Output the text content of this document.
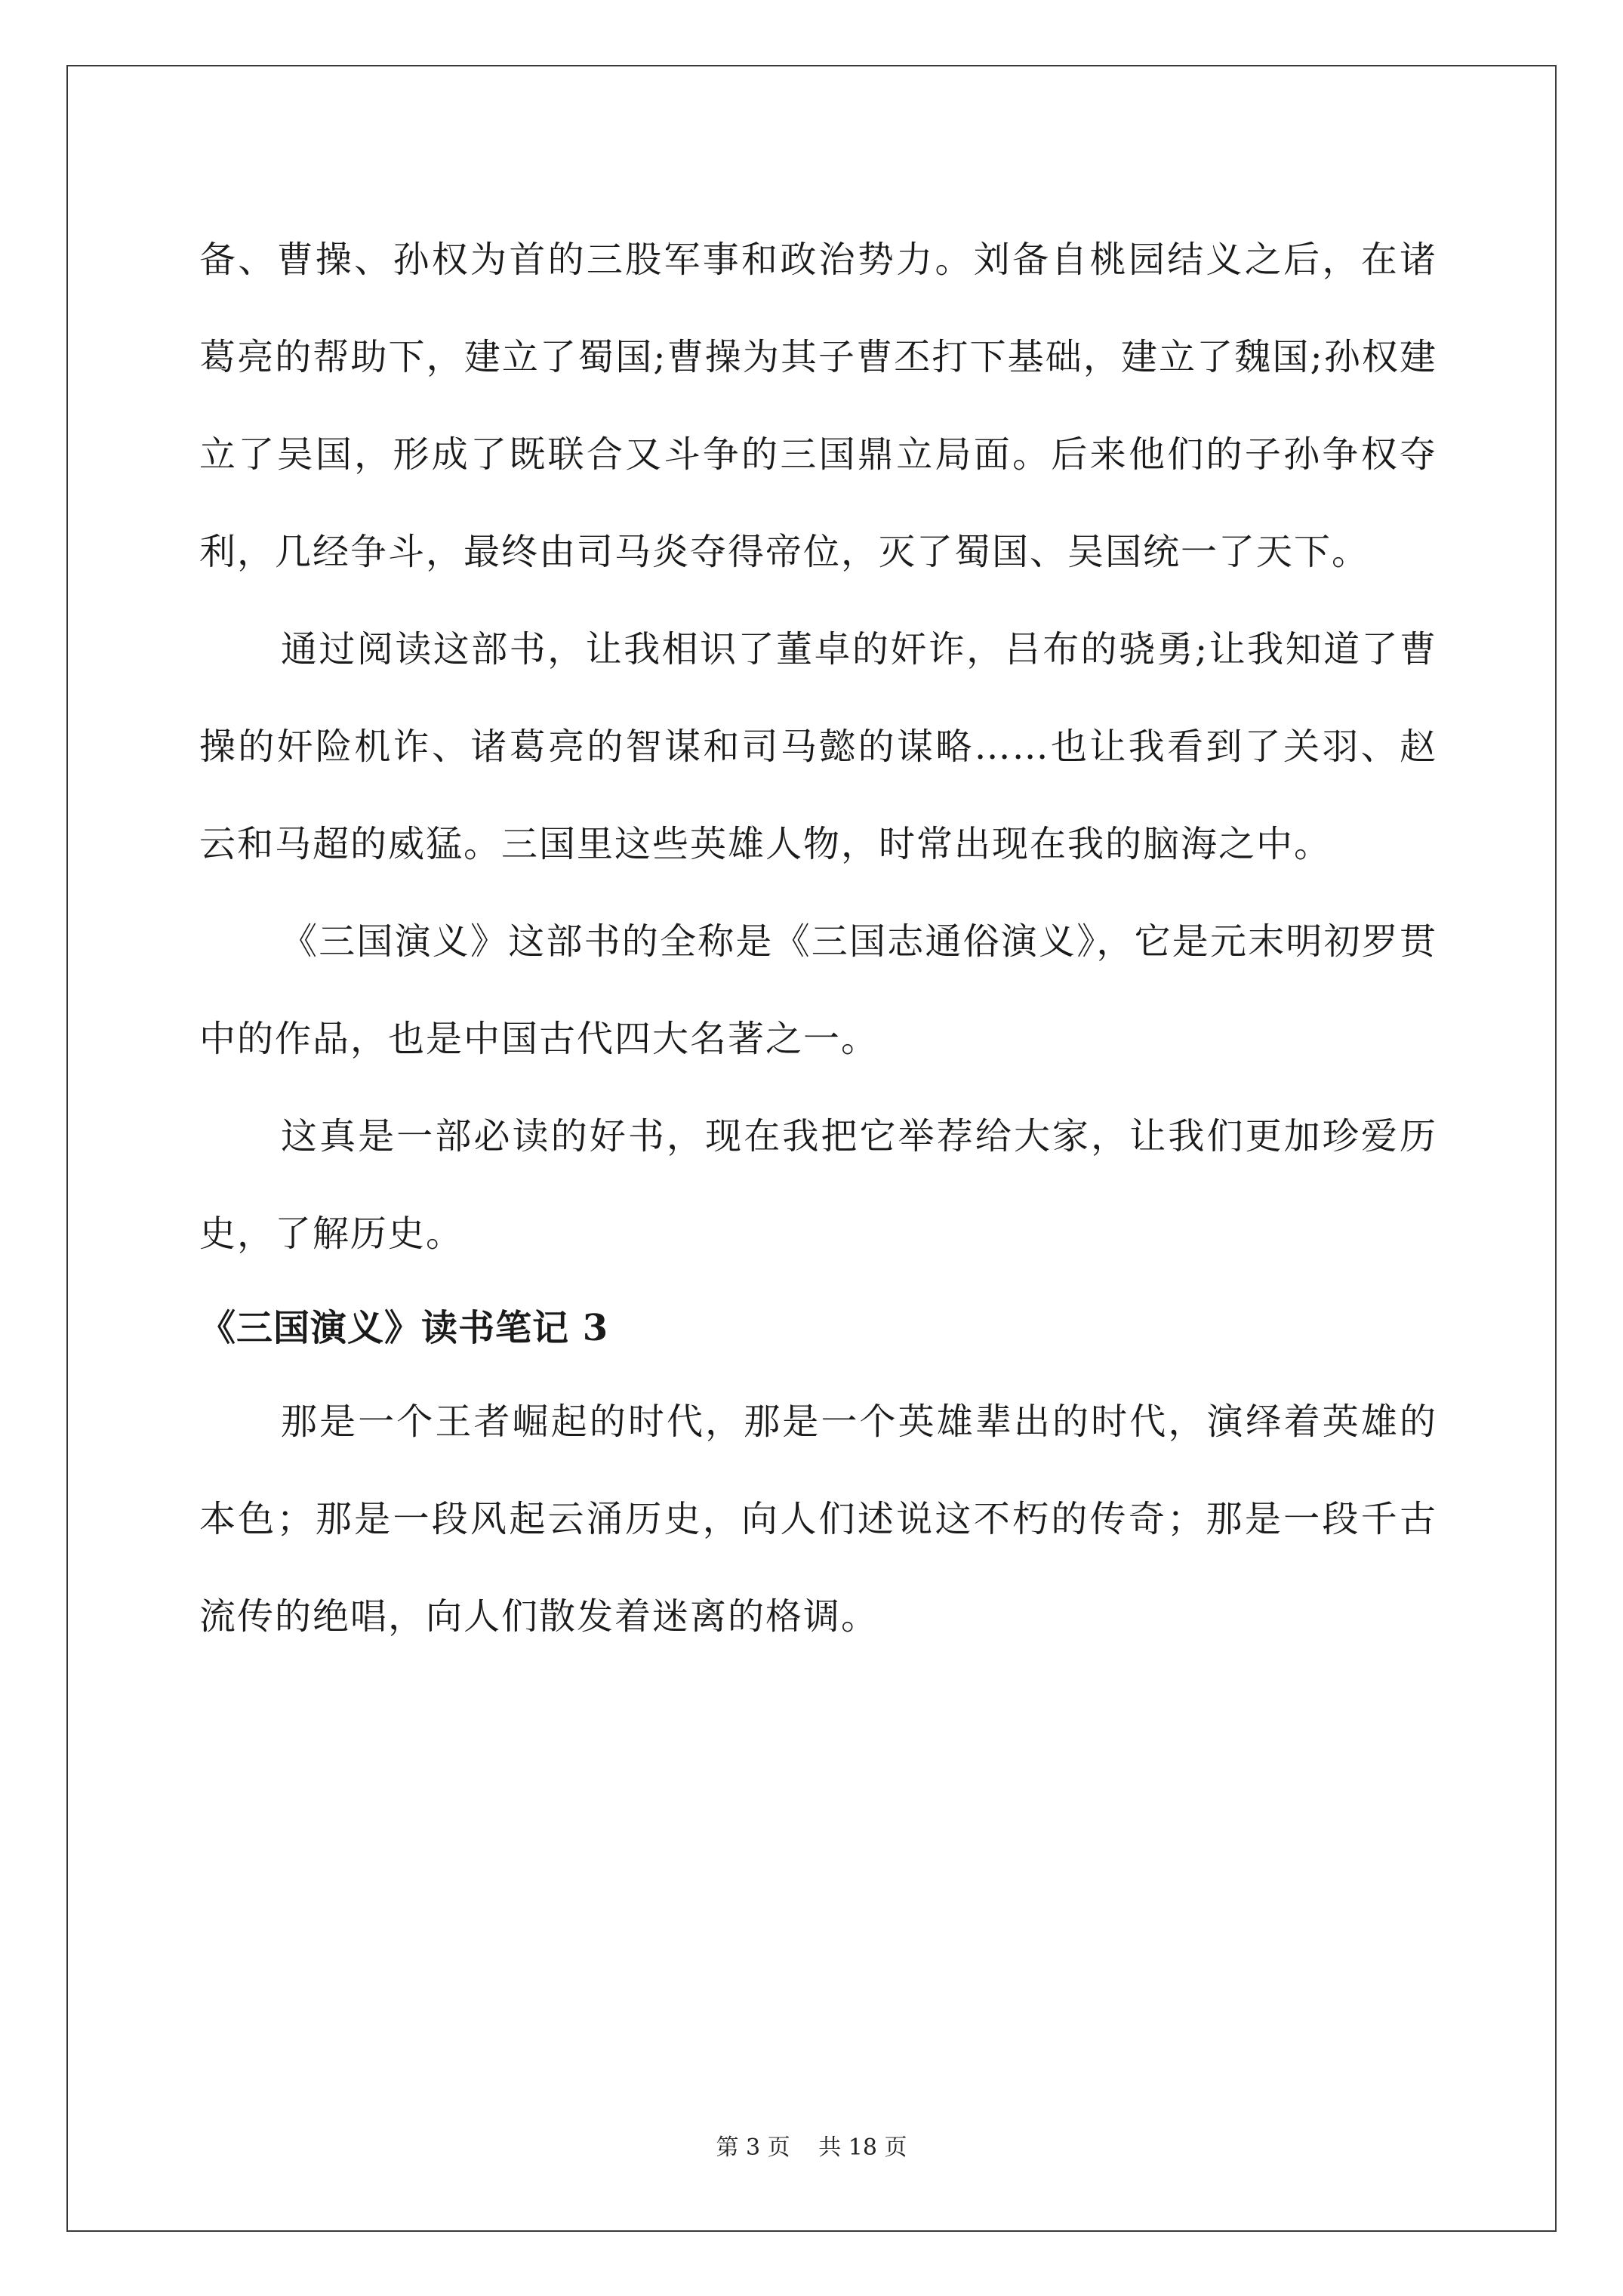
备、曹操、孙权为首的三股军事和政治势力。刘备自桃园结义之后，在诸葛亮的帮助下，建立了蜀国;曹操为其子曹丕打下基础，建立了魏国;孙权建立了吴国，形成了既联合又斗争的三国鼎立局面。后来他们的子孙争权夺利，几经争斗，最终由司马炎夺得帝位，灭了蜀国、吴国统一了天下。

通过阅读这部书，让我相识了董卓的奸诈，吕布的骁勇;让我知道了曹操的奸险机诈、诸葛亮的智谋和司马懿的谋略……也让我看到了关羽、赵云和马超的威猛。三国里这些英雄人物，时常出现在我的脑海之中。

《三国演义》这部书的全称是《三国志通俗演义》，它是元末明初罗贯中的作品，也是中国古代四大名著之一。

这真是一部必读的好书，现在我把它举荐给大家，让我们更加珍爱历史，了解历史。

《三国演义》读书笔记 3

那是一个王者崛起的时代，那是一个英雄辈出的时代，演绎着英雄的本色；那是一段风起云涌历史，向人们述说这不朽的传奇；那是一段千古流传的绝唱，向人们散发着迷离的格调。

第 3 页 共 18 页
